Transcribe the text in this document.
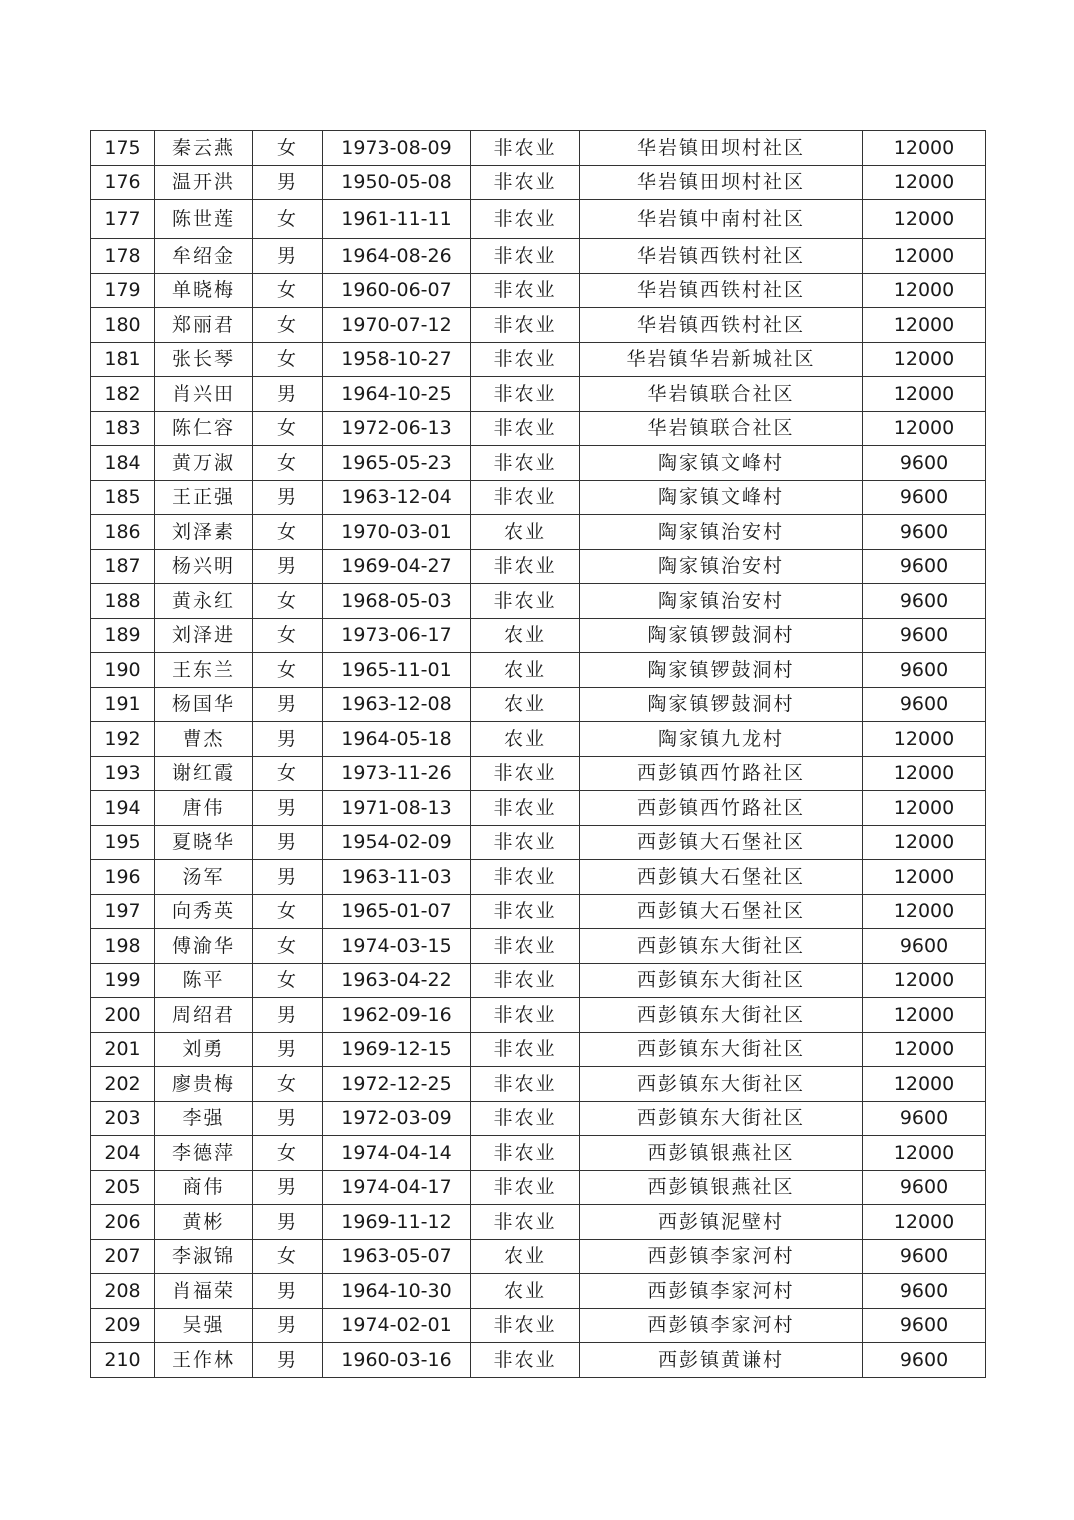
175	秦云燕	女	1973-08-09	非农业	华岩镇田坝村社区	12000
176	温开洪	男	1950-05-08	非农业	华岩镇田坝村社区	12000
177	陈世莲	女	1961-11-11	非农业	华岩镇中南村社区	12000
178	牟绍金	男	1964-08-26	非农业	华岩镇西铁村社区	12000
179	单晓梅	女	1960-06-07	非农业	华岩镇西铁村社区	12000
180	郑丽君	女	1970-07-12	非农业	华岩镇西铁村社区	12000
181	张长琴	女	1958-10-27	非农业	华岩镇华岩新城社区	12000
182	肖兴田	男	1964-10-25	非农业	华岩镇联合社区	12000
183	陈仁容	女	1972-06-13	非农业	华岩镇联合社区	12000
184	黄万淑	女	1965-05-23	非农业	陶家镇文峰村	9600
185	王正强	男	1963-12-04	非农业	陶家镇文峰村	9600
186	刘泽素	女	1970-03-01	农业	陶家镇治安村	9600
187	杨兴明	男	1969-04-27	非农业	陶家镇治安村	9600
188	黄永红	女	1968-05-03	非农业	陶家镇治安村	9600
189	刘泽进	女	1973-06-17	农业	陶家镇锣鼓洞村	9600
190	王东兰	女	1965-11-01	农业	陶家镇锣鼓洞村	9600
191	杨国华	男	1963-12-08	农业	陶家镇锣鼓洞村	9600
192	曹杰	男	1964-05-18	农业	陶家镇九龙村	12000
193	谢红霞	女	1973-11-26	非农业	西彭镇西竹路社区	12000
194	唐伟	男	1971-08-13	非农业	西彭镇西竹路社区	12000
195	夏晓华	男	1954-02-09	非农业	西彭镇大石堡社区	12000
196	汤军	男	1963-11-03	非农业	西彭镇大石堡社区	12000
197	向秀英	女	1965-01-07	非农业	西彭镇大石堡社区	12000
198	傅渝华	女	1974-03-15	非农业	西彭镇东大街社区	9600
199	陈平	女	1963-04-22	非农业	西彭镇东大街社区	12000
200	周绍君	男	1962-09-16	非农业	西彭镇东大街社区	12000
201	刘勇	男	1969-12-15	非农业	西彭镇东大街社区	12000
202	廖贵梅	女	1972-12-25	非农业	西彭镇东大街社区	12000
203	李强	男	1972-03-09	非农业	西彭镇东大街社区	9600
204	李德萍	女	1974-04-14	非农业	西彭镇银燕社区	12000
205	商伟	男	1974-04-17	非农业	西彭镇银燕社区	9600
206	黄彬	男	1969-11-12	非农业	西彭镇泥壁村	12000
207	李淑锦	女	1963-05-07	农业	西彭镇李家河村	9600
208	肖福荣	男	1964-10-30	农业	西彭镇李家河村	9600
209	吴强	男	1974-02-01	非农业	西彭镇李家河村	9600
210	王作林	男	1960-03-16	非农业	西彭镇黄谦村	9600
